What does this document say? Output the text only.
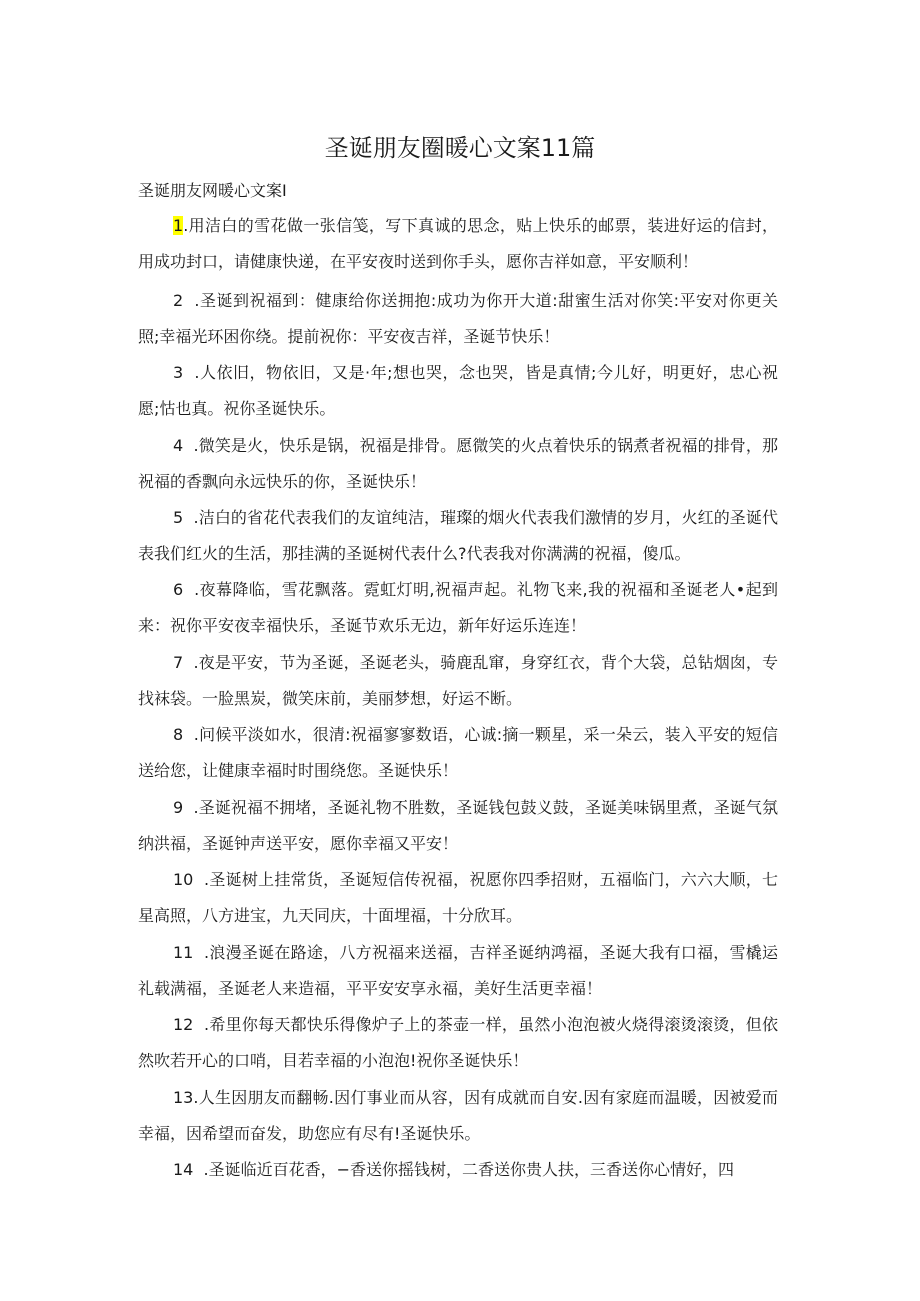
圣诞朋友圈暖心文案11篇
圣诞朋友网暖心文案I

1.用洁白的雪花做一张信笺，写下真诚的思念，贴上快乐的邮票，装进好运的信封，用成功封口，请健康快递，在平安夜时送到你手头，愿你吉祥如意，平安顺利！

2  .圣诞到祝福到：健康给你送拥抱:成功为你开大道:甜蜜生活对你笑:平安对你更关照;幸福光环困你绕。提前祝你：平安夜吉祥，圣诞节快乐！

3  .人依旧，物依旧，又是·年;想也哭，念也哭，皆是真情;今儿好，明更好，忠心祝愿;怙也真。祝你圣诞快乐。

4  .微笑是火，快乐是锅，祝福是排骨。愿微笑的火点着快乐的锅煮者祝福的排骨，那祝福的香飘向永远快乐的你，圣诞快乐！

5  .洁白的省花代表我们的友谊纯洁，璀璨的烟火代表我们激情的岁月，火红的圣诞代表我们红火的生活，那挂满的圣诞树代表什么?代表我对你满满的祝福，傻瓜。

6  .夜幕降临，雪花飘落。霓虹灯明,祝福声起。礼物飞来,我的祝福和圣诞老人•起到来：祝你平安夜幸福快乐，圣诞节欢乐无边，新年好运乐连连！

7  .夜是平安，节为圣诞，圣诞老头，骑鹿乱窜，身穿红衣，背个大袋，总钻烟囱，专找袜袋。一脸黑炭，微笑床前，美丽梦想，好运不断。

8  .问候平淡如水，很清:祝福寥寥数语，心诚:摘一颗星，采一朵云，装入平安的短信送给您，让健康幸福时时围绕您。圣诞快乐！

9  .圣诞祝福不拥堵，圣诞礼物不胜数，圣诞钱包鼓义鼓，圣诞美味锅里煮，圣诞气氛纳洪福，圣诞钟声送平安，愿你幸福又平安！

10  .圣诞树上挂常货，圣诞短信传祝福，祝愿你四季招财，五福临门，六六大顺，七星高照，八方进宝，九天同庆，十面埋福，十分欣耳。

11  .浪漫圣诞在路途，八方祝福来送福，吉祥圣诞纳鸿福，圣诞大我有口福，雪橇运礼载满福，圣诞老人来造福，平平安安享永福，美好生活更幸福！

12  .希里你每天都快乐得像炉子上的茶壶一样，虽然小泡泡被火烧得滚烫滚烫，但依然吹若开心的口哨，目若幸福的小泡泡!祝你圣诞快乐！

13.人生因朋友而翻畅.因仃事业而从容，因有成就而自安.因有家庭而温暖，因被爱而幸福，因希望而奋发，助您应有尽有!圣诞快乐。

14  .圣诞临近百花香，−香送你摇钱树，二香送你贵人扶，三香送你心情好，四
